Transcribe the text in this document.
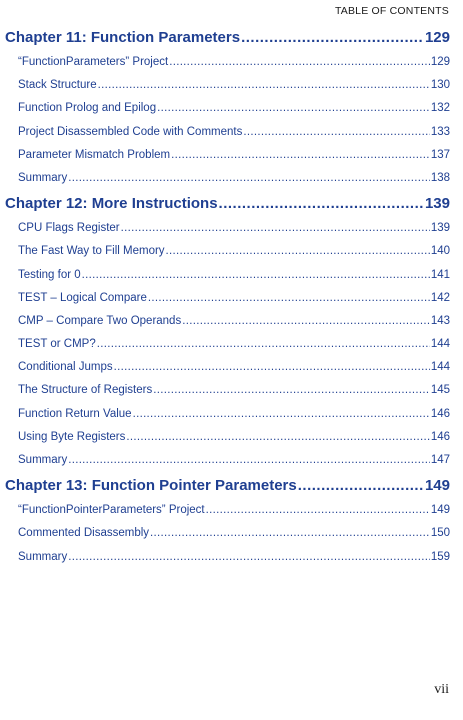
TABLE OF CONTENTS
Chapter 11: Function Parameters .....	129
“FunctionParameters” Project .....	129
Stack Structure .....	130
Function Prolog and Epilog .....	132
Project Disassembled Code with Comments .....	133
Parameter Mismatch Problem .....	137
Summary .....	138
Chapter 12: More Instructions .....	139
CPU Flags Register .....	139
The Fast Way to Fill Memory .....	140
Testing for 0 .....	141
TEST – Logical Compare .....	142
CMP – Compare Two Operands .....	143
TEST or CMP? .....	144
Conditional Jumps .....	144
The Structure of Registers .....	145
Function Return Value .....	146
Using Byte Registers .....	146
Summary .....	147
Chapter 13: Function Pointer Parameters .....	149
“FunctionPointerParameters” Project .....	149
Commented Disassembly .....	150
Summary .....	159
vii
